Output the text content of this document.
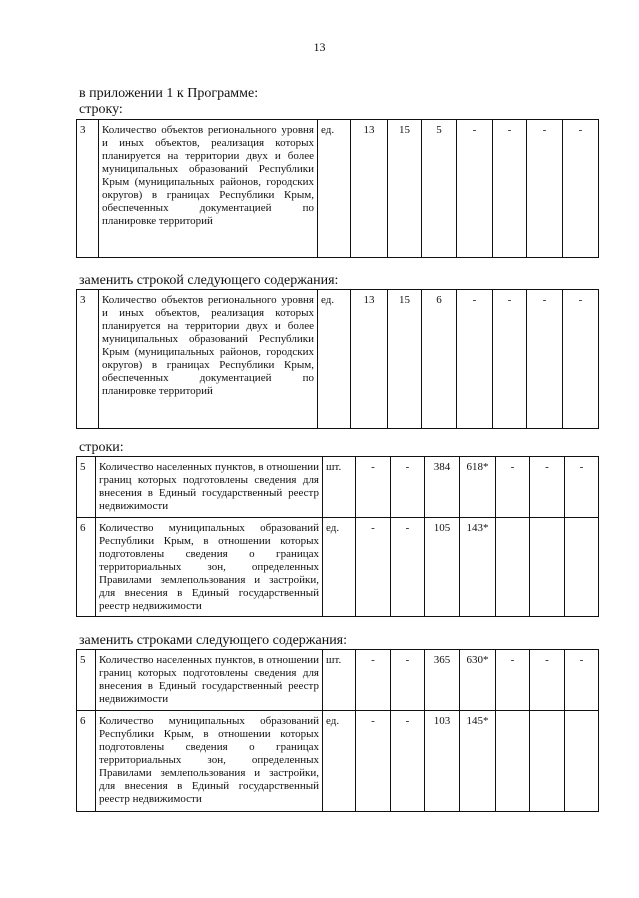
13
в приложении 1 к Программе:
строку:
3	Количество объектов регионального уровня и иных объектов, реализация которых планируется на территории двух и более муниципальных образований Республики Крым (муниципальных районов, городских округов) в границах Республики Крым, обеспеченных документацией по планировке территорий	ед.	13	15	5	-	-	-	-
заменить строкой следующего содержания:
3	Количество объектов регионального уровня и иных объектов, реализация которых планируется на территории двух и более муниципальных образований Республики Крым (муниципальных районов, городских округов) в границах Республики Крым, обеспеченных документацией по планировке территорий	ед.	13	15	6	-	-	-	-
строки:
5	Количество населенных пунктов, в отношении границ которых подготовлены сведения для внесения в Единый государственный реестр недвижимости	шт.	-	-	384	618*	-	-	-
6	Количество муниципальных образований Республики Крым, в отношении которых подготовлены сведения о границах территориальных зон, определенных Правилами землепользования и застройки, для внесения в Единый государственный реестр недвижимости	ед.	-	-	105	143*			
заменить строками следующего содержания:
5	Количество населенных пунктов, в отношении границ которых подготовлены сведения для внесения в Единый государственный реестр недвижимости	шт.	-	-	365	630*	-	-	-
6	Количество муниципальных образований Республики Крым, в отношении которых подготовлены сведения о границах территориальных зон, определенных Правилами землепользования и застройки, для внесения в Единый государственный реестр недвижимости	ед.	-	-	103	145*			
